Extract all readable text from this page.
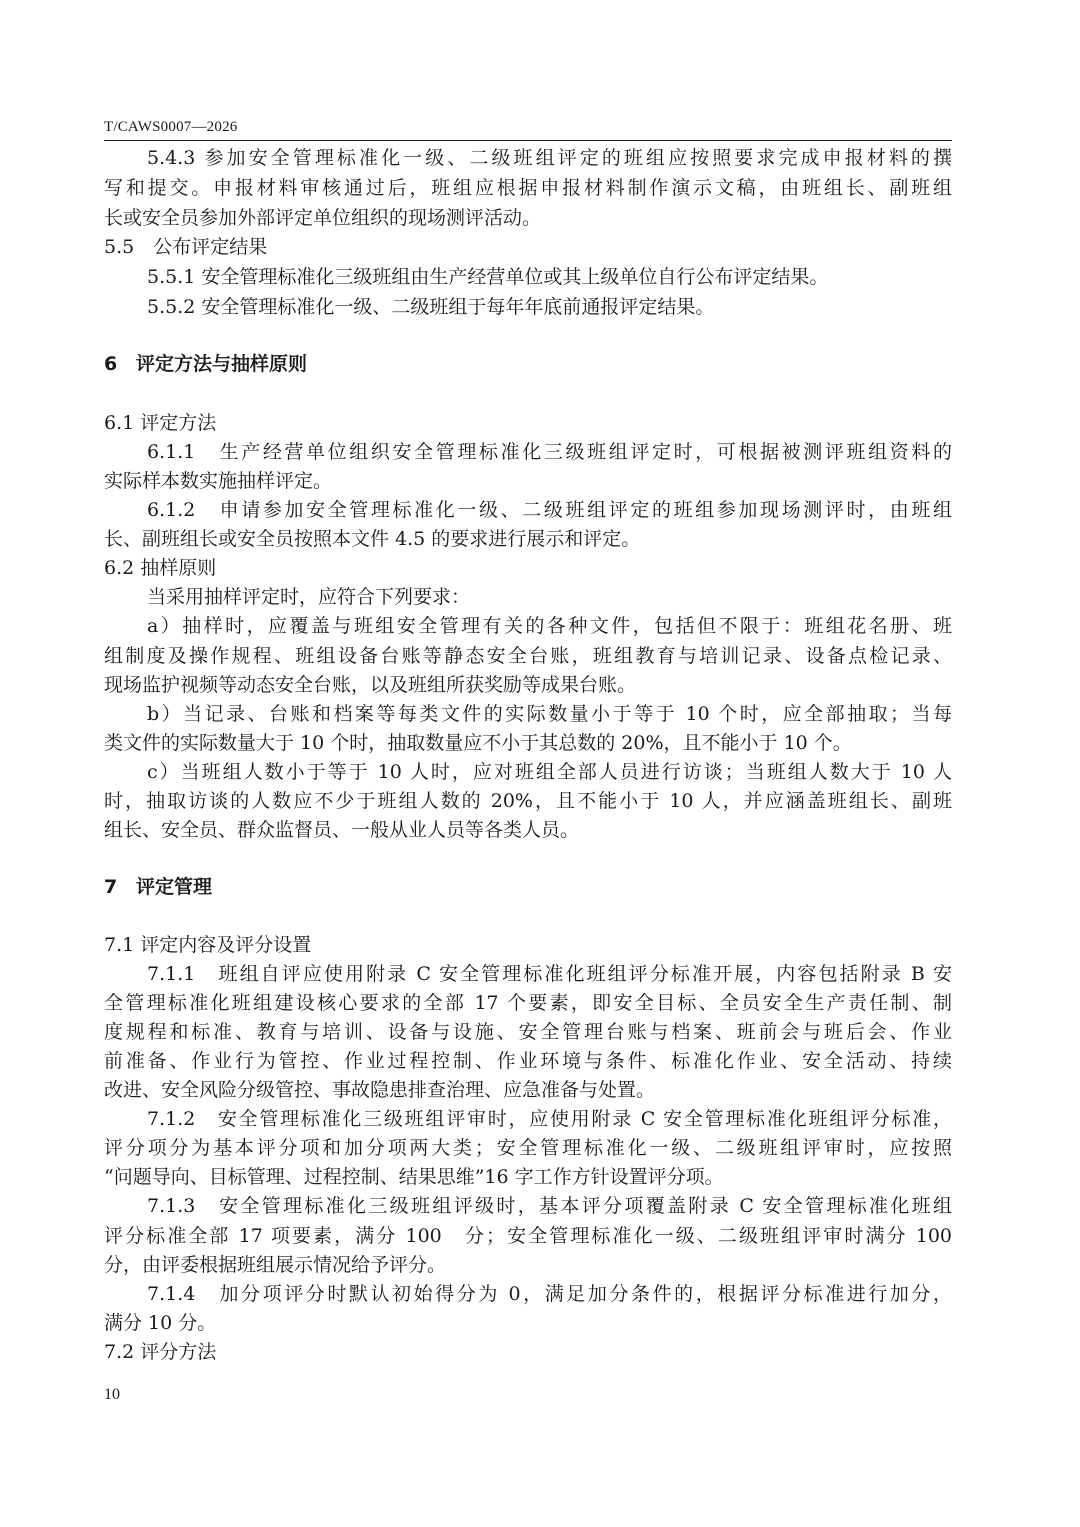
T/CAWS0007—2026
5.4.3 参加安全管理标准化一级、二级班组评定的班组应按照要求完成申报材料的撰
写和提交。申报材料审核通过后，班组应根据申报材料制作演示文稿，由班组长、副班组
长或安全员参加外部评定单位组织的现场测评活动。
5.5　公布评定结果
5.5.1 安全管理标准化三级班组由生产经营单位或其上级单位自行公布评定结果。
5.5.2 安全管理标准化一级、二级班组于每年年底前通报评定结果。
6 评定方法与抽样原则
6.1 评定方法
6.1.1　生产经营单位组织安全管理标准化三级班组评定时，可根据被测评班组资料的
实际样本数实施抽样评定。
6.1.2　申请参加安全管理标准化一级、二级班组评定的班组参加现场测评时，由班组
长、副班组长或安全员按照本文件 4.5 的要求进行展示和评定。
6.2 抽样原则
当采用抽样评定时，应符合下列要求：
a）抽样时，应覆盖与班组安全管理有关的各种文件，包括但不限于：班组花名册、班
组制度及操作规程、班组设备台账等静态安全台账，班组教育与培训记录、设备点检记录、
现场监护视频等动态安全台账，以及班组所获奖励等成果台账。
b）当记录、台账和档案等每类文件的实际数量小于等于 10 个时，应全部抽取；当每
类文件的实际数量大于 10 个时，抽取数量应不小于其总数的 20%，且不能小于 10 个。
c）当班组人数小于等于 10 人时，应对班组全部人员进行访谈；当班组人数大于 10 人
时，抽取访谈的人数应不少于班组人数的 20%，且不能小于 10 人，并应涵盖班组长、副班
组长、安全员、群众监督员、一般从业人员等各类人员。
7 评定管理
7.1 评定内容及评分设置
7.1.1　班组自评应使用附录 C 安全管理标准化班组评分标准开展，内容包括附录 B 安
全管理标准化班组建设核心要求的全部 17 个要素，即安全目标、全员安全生产责任制、制
度规程和标准、教育与培训、设备与设施、安全管理台账与档案、班前会与班后会、作业
前准备、作业行为管控、作业过程控制、作业环境与条件、标准化作业、安全活动、持续
改进、安全风险分级管控、事故隐患排查治理、应急准备与处置。
7.1.2　安全管理标准化三级班组评审时，应使用附录 C 安全管理标准化班组评分标准，
评分项分为基本评分项和加分项两大类；安全管理标准化一级、二级班组评审时，应按照
“问题导向、目标管理、过程控制、结果思维”16 字工作方针设置评分项。
7.1.3　安全管理标准化三级班组评级时，基本评分项覆盖附录 C 安全管理标准化班组
评分标准全部 17 项要素，满分 100　分；安全管理标准化一级、二级班组评审时满分 100
分，由评委根据班组展示情况给予评分。
7.1.4　加分项评分时默认初始得分为 0，满足加分条件的，根据评分标准进行加分，
满分 10 分。
7.2 评分方法
10
